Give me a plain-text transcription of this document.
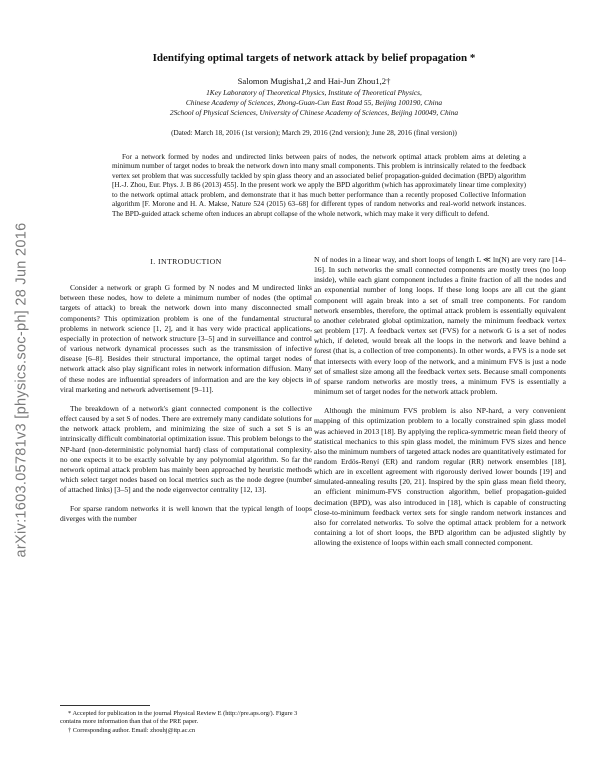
arXiv:1603.05781v3 [physics.soc-ph] 28 Jun 2016
Identifying optimal targets of network attack by belief propagation *
Salomon Mugisha1,2 and Hai-Jun Zhou1,2†
1Key Laboratory of Theoretical Physics, Institute of Theoretical Physics,
Chinese Academy of Sciences, Zhong-Guan-Cun East Road 55, Beijing 100190, China
2School of Physical Sciences, University of Chinese Academy of Sciences, Beijing 100049, China
(Dated: March 18, 2016 (1st version); March 29, 2016 (2nd version); June 28, 2016 (final version))

For a network formed by nodes and undirected links between pairs of nodes, the network optimal attack problem aims at deleting a minimum number of target nodes to break the network down into many small components. This problem is intrinsically related to the feedback vertex set problem that was successfully tackled by spin glass theory and an associated belief propagation-guided decimation (BPD) algorithm [H.-J. Zhou, Eur. Phys. J. B 86 (2013) 455]. In the present work we apply the BPD algorithm (which has approximately linear time complexity) to the network optimal attack problem, and demonstrate that it has much better performance than a recently proposed Collective Information algorithm [F. Morone and H. A. Makse, Nature 524 (2015) 63–68] for different types of random networks and real-world network instances. The BPD-guided attack scheme often induces an abrupt collapse of the whole network, which may make it very difficult to defend.

I. INTRODUCTION

Consider a network or graph G formed by N nodes and M undirected links between these nodes, how to delete a minimum number of nodes (the optimal targets of attack) to break the network down into many disconnected small components? This optimization problem is one of the fundamental structural problems in network science [1, 2], and it has very wide practical applications, especially in protection of network structure [3–5] and in surveillance and control of various network dynamical processes such as the transmission of infective disease [6–8]. Besides their structural importance, the optimal target nodes of network attack also play significant roles in network information diffusion. Many of these nodes are influential spreaders of information and are the key objects in viral marketing and network advertisement [9–11].

The breakdown of a network's giant connected component is the collective effect caused by a set S of nodes. There are extremely many candidate solutions for the network attack problem, and minimizing the size of such a set S is an intrinsically difficult combinatorial optimization issue. This problem belongs to the NP-hard (non-deterministic polynomial hard) class of computational complexity, no one expects it to be exactly solvable by any polynomial algorithm. So far the network optimal attack problem has mainly been approached by heuristic methods which select target nodes based on local metrics such as the node degree (number of attached links) [3–5] and the node eigenvector centrality [12, 13].

For sparse random networks it is well known that the typical length of loops diverges with the number

N of nodes in a linear way, and short loops of length L ≪ ln(N) are very rare [14–16]. In such networks the small connected components are mostly trees (no loop inside), while each giant component includes a finite fraction of all the nodes and an exponential number of long loops. If these long loops are all cut the giant component will again break into a set of small tree components. For random network ensembles, therefore, the optimal attack problem is essentially equivalent to another celebrated global optimization, namely the minimum feedback vertex set problem [17]. A feedback vertex set (FVS) for a network G is a set of nodes which, if deleted, would break all the loops in the network and leave behind a forest (that is, a collection of tree components). In other words, a FVS is a node set that intersects with every loop of the network, and a minimum FVS is just a node set of smallest size among all the feedback vertex sets. Because small components of sparse random networks are mostly trees, a minimum FVS is essentially a minimum set of target nodes for the network attack problem.

Although the minimum FVS problem is also NP-hard, a very convenient mapping of this optimization problem to a locally constrained spin glass model was achieved in 2013 [18]. By applying the replica-symmetric mean field theory of statistical mechanics to this spin glass model, the minimum FVS sizes and hence also the minimum numbers of targeted attack nodes are quantitatively estimated for random Erdös-Renyí (ER) and random regular (RR) network ensembles [18], which are in excellent agreement with rigorously derived lower bounds [19] and simulated-annealing results [20, 21]. Inspired by the spin glass mean field theory, an efficient minimum-FVS construction algorithm, belief propagation-guided decimation (BPD), was also introduced in [18], which is capable of constructing close-to-minimum feedback vertex sets for single random network instances and also for correlated networks. To solve the optimal attack problem for a network containing a lot of short loops, the BPD algorithm can be adjusted slightly by allowing the existence of loops within each small connected component.

* Accepted for publication in the journal Physical Review E (http://pre.aps.org/). Figure 3 contains more information than that of the PRE paper.

† Corresponding author. Email: zhouhj@itp.ac.cn
